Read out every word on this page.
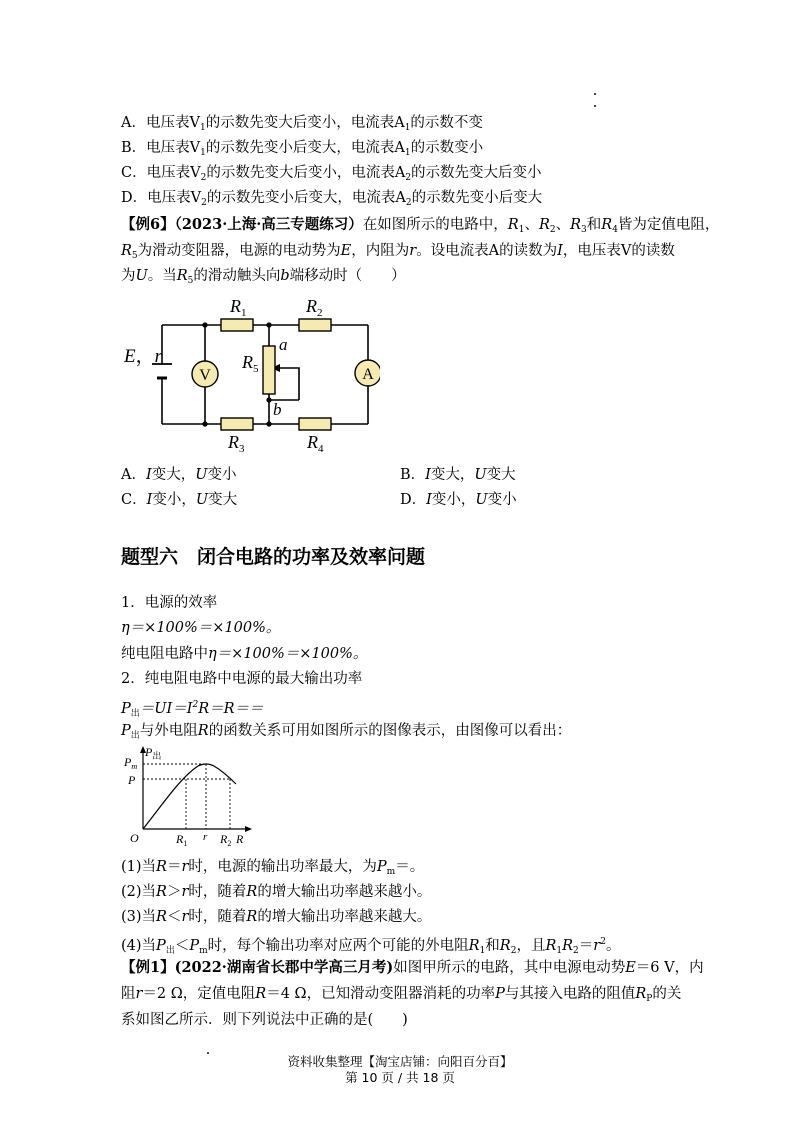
A．电压表$V_1$的示数先变大后变小，电流表$A_1$的示数不变
B．电压表$V_1$的示数先变小后变大，电流表$A_1$的示数变小
C．电压表$V_2$的示数先变大后变小，电流表$A_2$的示数先变大后变小
D．电压表$V_2$的示数先变小后变大，电流表$A_2$的示数先变小后变大
【例6】（2023·上海·高三专题练习）在如图所示的电路中，$R_1$、$R_2$、$R_3$和$R_4$皆为定值电阻，
$R_5$为滑动变阻器，电源的电动势为E，内阻为r。设电流表A的读数为I，电压表V的读数
为U。当$R_5$的滑动触头向b端移动时（　　）
V	A
$R_1$	$R_2$
$R_3$	$R_4$
$R_5$
a
b
E，r
A．I变大，U变小	B．I变大，U变大
C．I变小，U变大	D．I变小，U变小
题型六　闭合电路的功率及效率问题
1．电源的效率
η＝×100%＝×100%。
纯电阻电路中η＝×100%＝×100%。
2．纯电阻电路中电源的最大输出功率
$P_出=UI=I^2R=R==$
$P_出$与外电阻R的函数关系可用如图所示的图像表示，由图像可以看出：
$P_出$
$P_m$
P
O	$R_1$
r $R_2$ R
(1)当R＝r时，电源的输出功率最大，为$P_m=$。
(2)当R＞r时，随着R的增大输出功率越来越小。
(3)当R＜r时，随着R的增大输出功率越来越大。
(4)当$P_出<P_m$时，每个输出功率对应两个可能的外电阻$R_1$和$R_2$，且$R_1R_2=r^2$。
【例1】(2022·湖南省长郡中学高三月考)如图甲所示的电路，其中电源电动势E＝6 V，内
阻r＝2 Ω，定值电阻R＝4 Ω，已知滑动变阻器消耗的功率P与其接入电路的阻值$R_P$的关
系如图乙所示．则下列说法中正确的是(　　)
资料收集整理【淘宝店铺：向阳百分百】
第 10 页 / 共 18 页
